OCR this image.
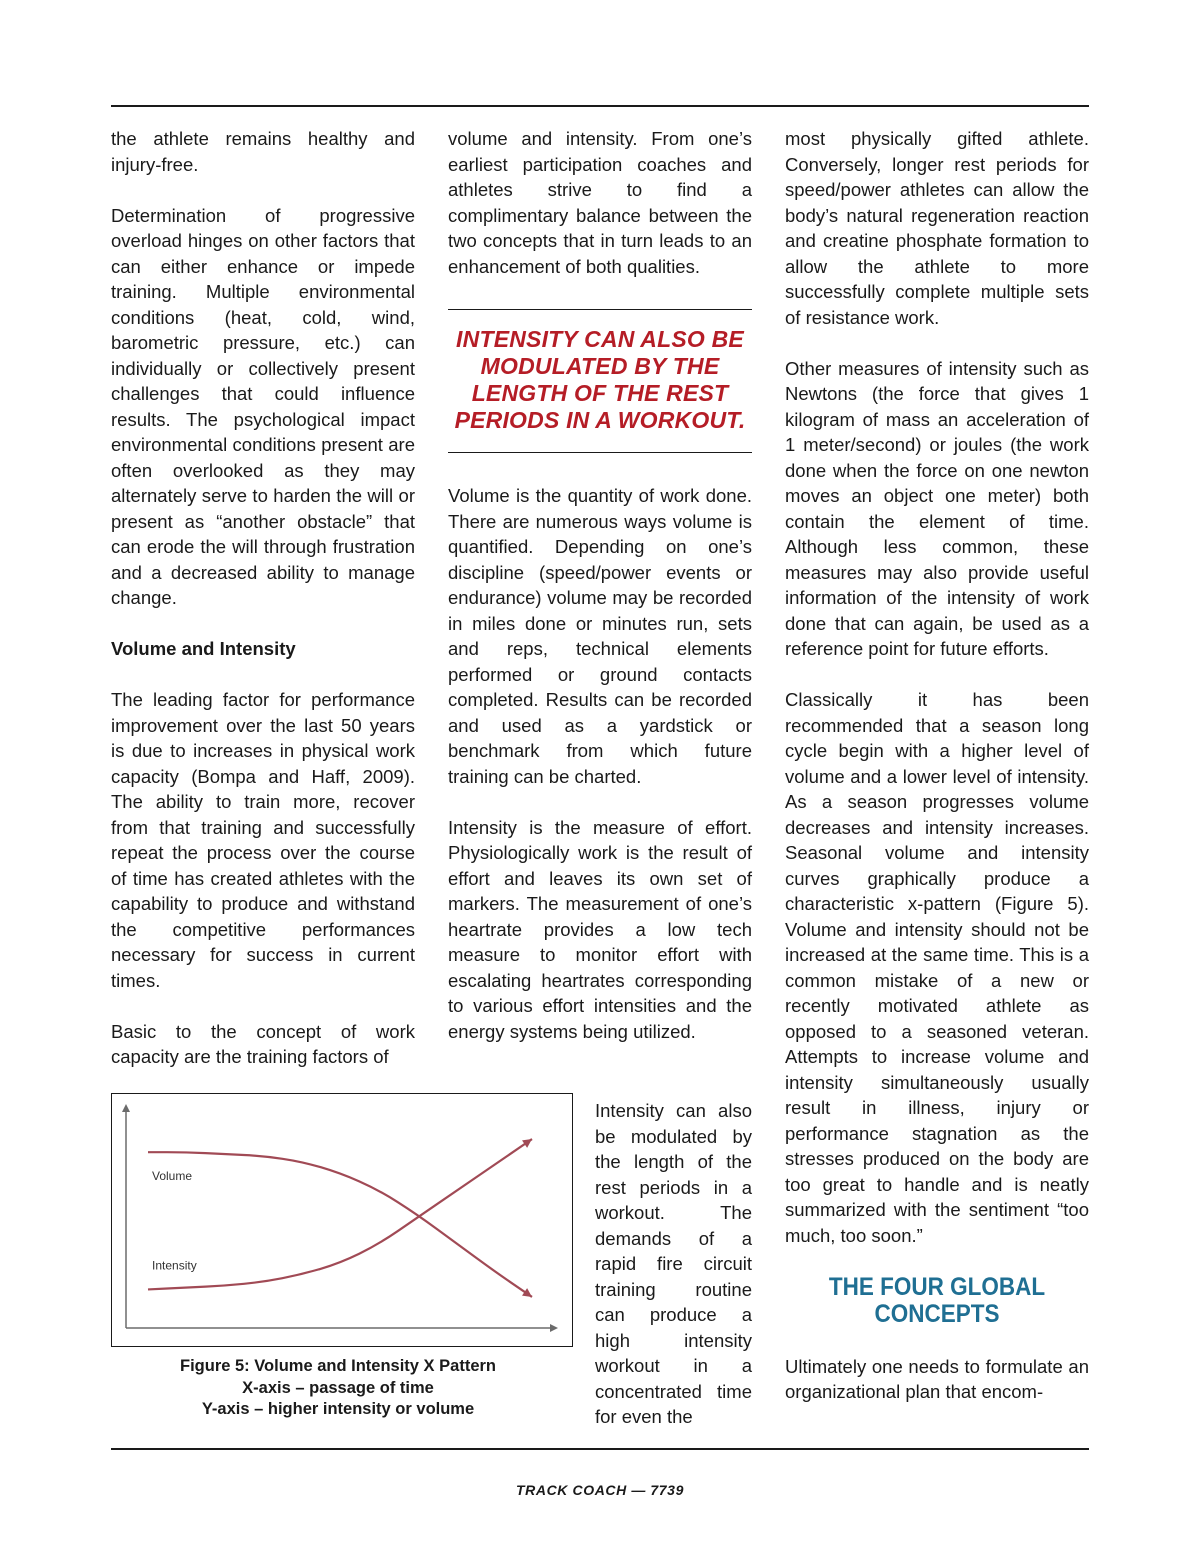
the athlete remains healthy and injury-free.

Determination of progressive overload hinges on other factors that can either enhance or impede training. Multiple environmental conditions (heat, cold, wind, barometric pressure, etc.) can individually or collectively present challenges that could influence results. The psychological impact environmental conditions present are often overlooked as they may alternately serve to harden the will or present as “another obstacle” that can erode the will through frustration and a decreased ability to manage change.

Volume and Intensity

The leading factor for performance improvement over the last 50 years is due to increases in physical work capacity (Bompa and Haff, 2009). The ability to train more, recover from that training and successfully repeat the process over the course of time has created athletes with the capability to produce and withstand the competitive performances necessary for success in current times.

Basic to the concept of work capacity are the training factors of

volume and intensity. From one’s earliest participation coaches and athletes strive to find a complimentary balance between the two concepts that in turn leads to an enhancement of both qualities.

INTENSITY CAN ALSO BE MODULATED BY THE LENGTH OF THE REST PERIODS IN A WORKOUT.

Volume is the quantity of work done. There are numerous ways volume is quantified. Depending on one’s discipline (speed/power events or endurance) volume may be recorded in miles done or minutes run, sets and reps, technical elements performed or ground contacts completed. Results can be recorded and used as a yardstick or benchmark from which future training can be charted.

Intensity is the measure of effort. Physiologically work is the result of effort and leaves its own set of markers. The measurement of one’s heartrate provides a low tech measure to monitor effort with escalating heartrates corresponding to various effort intensities and the energy systems being utilized.

most physically gifted athlete. Conversely, longer rest periods for speed/power athletes can allow the body’s natural regeneration reaction and creatine phosphate formation to allow the athlete to more successfully complete multiple sets of resistance work.

Other measures of intensity such as Newtons (the force that gives 1 kilogram of mass an acceleration of 1 meter/second) or joules (the work done when the force on one newton moves an object one meter) both contain the element of time. Although less common, these measures may also provide useful information of the intensity of work done that can again, be used as a reference point for future efforts.

Classically it has been recommended that a season long cycle begin with a higher level of volume and a lower level of intensity. As a season progresses volume decreases and intensity increases. Seasonal volume and intensity curves graphically produce a characteristic x-pattern (Figure 5). Volume and intensity should not be increased at the same time. This is a common mistake of a new or recently motivated athlete as opposed to a seasoned veteran. Attempts to increase volume and intensity simultaneously usually result in illness, injury or performance stagnation as the stresses produced on the body are too great to handle and is neatly summarized with the sentiment “too much, too soon.”

THE FOUR GLOBAL CONCEPTS

Ultimately one needs to formulate an organizational plan that encom-

Volume
Intensity
Figure 5: Volume and Intensity X Pattern
X-axis – passage of time
Y-axis – higher intensity or volume
Intensity can also be modulated by the length of the rest periods in a workout. The demands of a rapid fire circuit training routine can produce a high intensity workout in a concentrated time for even the
TRACK COACH — 7739
